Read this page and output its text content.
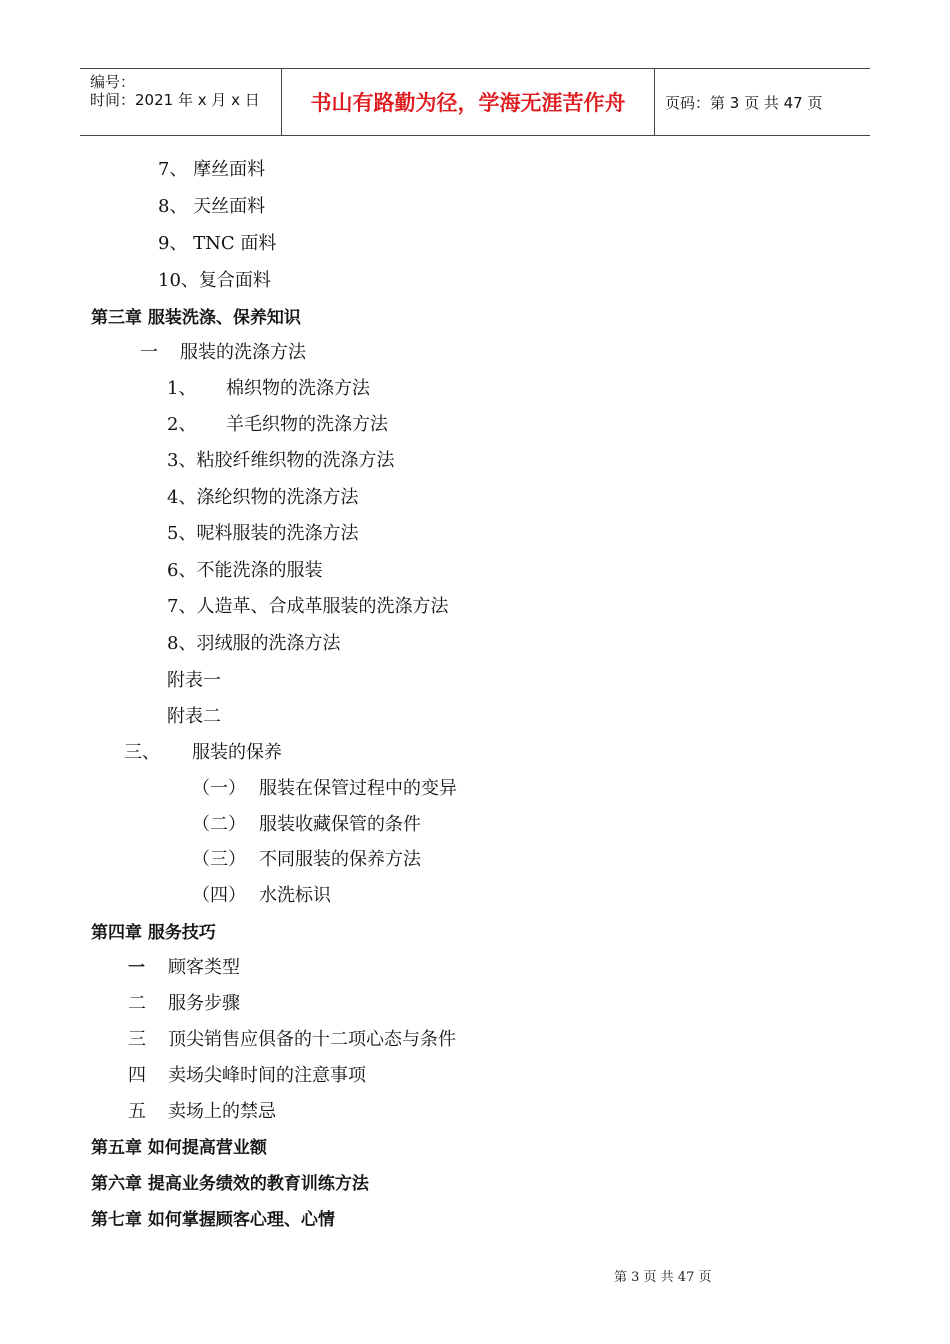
编号：
时间：2021 年 x 月 x 日	书山有路勤为径，学海无涯苦作舟	页码：第 3 页 共 47 页
7、 摩丝面料
8、 天丝面料
9、 TNC 面料
10、复合面料
第三章 服装洗涤、保养知识
一 服装的洗涤方法
1、 棉织物的洗涤方法
2、 羊毛织物的洗涤方法
3、粘胶纤维织物的洗涤方法
4、涤纶织物的洗涤方法
5、呢料服装的洗涤方法
6、不能洗涤的服装
7、人造革、合成革服装的洗涤方法
8、羽绒服的洗涤方法
附表一
附表二
三、 服装的保养
（一） 服装在保管过程中的变异
（二） 服装收藏保管的条件
（三） 不同服装的保养方法
（四） 水洗标识
第四章 服务技巧
一 顾客类型
二 服务步骤
三 顶尖销售应俱备的十二项心态与条件
四 卖场尖峰时间的注意事项
五 卖场上的禁忌
第五章 如何提高营业额
第六章 提高业务绩效的教育训练方法
第七章 如何掌握顾客心理、心情
第 3 页 共 47 页
